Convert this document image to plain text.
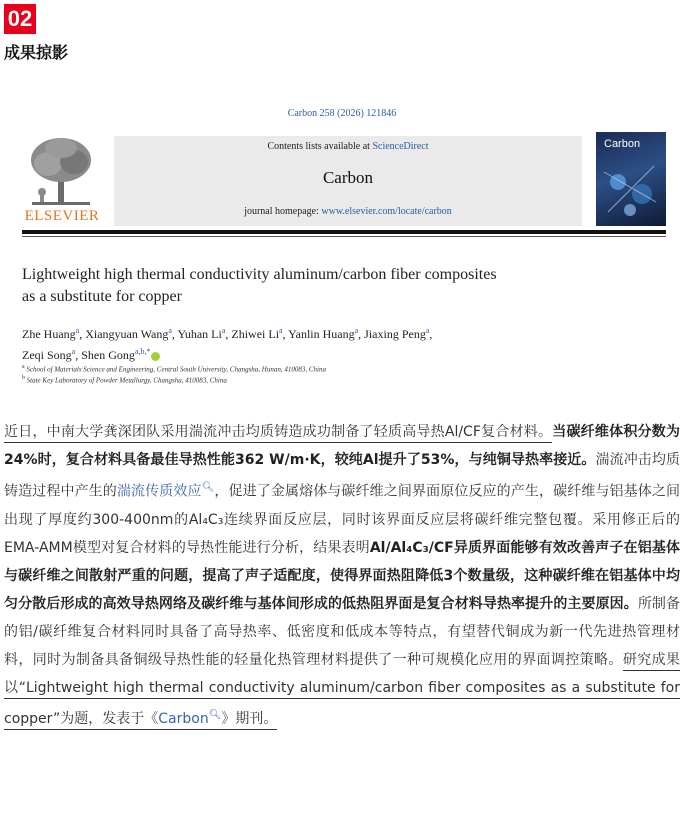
02
成果掠影
Carbon 258 (2026) 121846
ELSEVIER
Contents lists available at ScienceDirect
Carbon
journal homepage: www.elsevier.com/locate/carbon
Carbon
Lightweight high thermal conductivity aluminum/carbon fiber composites
as a substitute for copper
Zhe Huang$^a$, Xiangyuan Wang$^a$, Yuhan Li$^a$, Zhiwei Li$^a$, Yanlin Huang$^a$, Jiaxing Peng$^a$,
Zeqi Song$^a$, Shen Gong$^{a,b,*}$
$^a$ School of Materials Science and Engineering, Central South University, Changsha, Hunan, 410083, China
$^b$ State Key Laboratory of Powder Metallurgy, Changsha, 410083, China
近日，中南大学龚深团队采用湍流冲击均质铸造成功制备了轻质高导热Al/CF复合材料。当碳纤维体积分数为24%时，复合材料具备最佳导热性能362 W/m·K，较纯Al提升了53%，与纯铜导热率接近。湍流冲击均质铸造过程中产生的湍流传质效应🔍︎，促进了金属熔体与碳纤维之间界面原位反应的产生，碳纤维与铝基体之间出现了厚度约300-400nm的Al₄C₃连续界面反应层，同时该界面反应层将碳纤维完整包覆。采用修正后的EMA-AMM模型对复合材料的导热性能进行分析，结果表明Al/Al₄C₃/CF异质界面能够有效改善声子在铝基体与碳纤维之间散射严重的问题，提高了声子适配度，使得界面热阻降低3个数量级，这种碳纤维在铝基体中均匀分散后形成的高效导热网络及碳纤维与基体间形成的低热阻界面是复合材料导热率提升的主要原因。所制备的铝/碳纤维复合材料同时具备了高导热率、低密度和低成本等特点，有望替代铜成为新一代先进热管理材料，同时为制备具备铜级导热性能的轻量化热管理材料提供了一种可规模化应用的界面调控策略。研究成果以“Lightweight high thermal conductivity aluminum/carbon fiber composites as a substitute for copper”为题，发表于《Carbon🔍︎》期刊。
